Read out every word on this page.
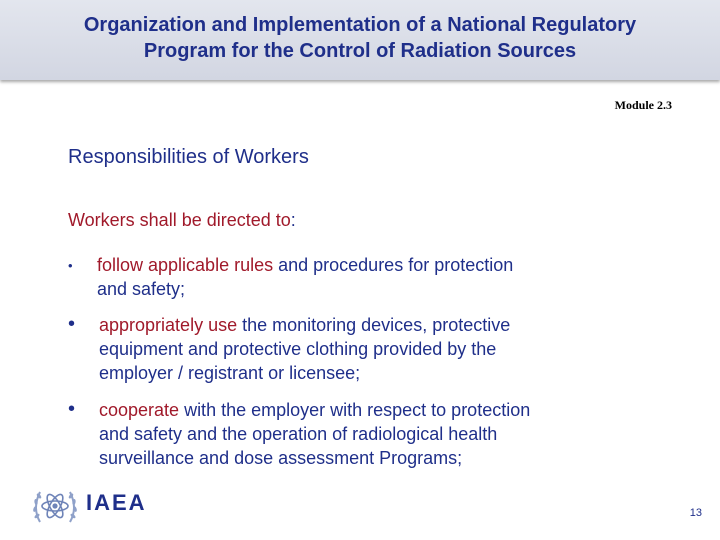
Organization and Implementation of a National Regulatory
Program for the Control of Radiation Sources
Module 2.3
Responsibilities of Workers
Workers shall be directed to:
• follow applicable rules and procedures for protection
and safety;
• appropriately use the monitoring devices, protective
equipment and protective clothing provided by the
employer / registrant or licensee;
• cooperate with the employer with respect to protection
and safety and the operation of radiological health
surveillance and dose assessment Programs;
IAEA	13
